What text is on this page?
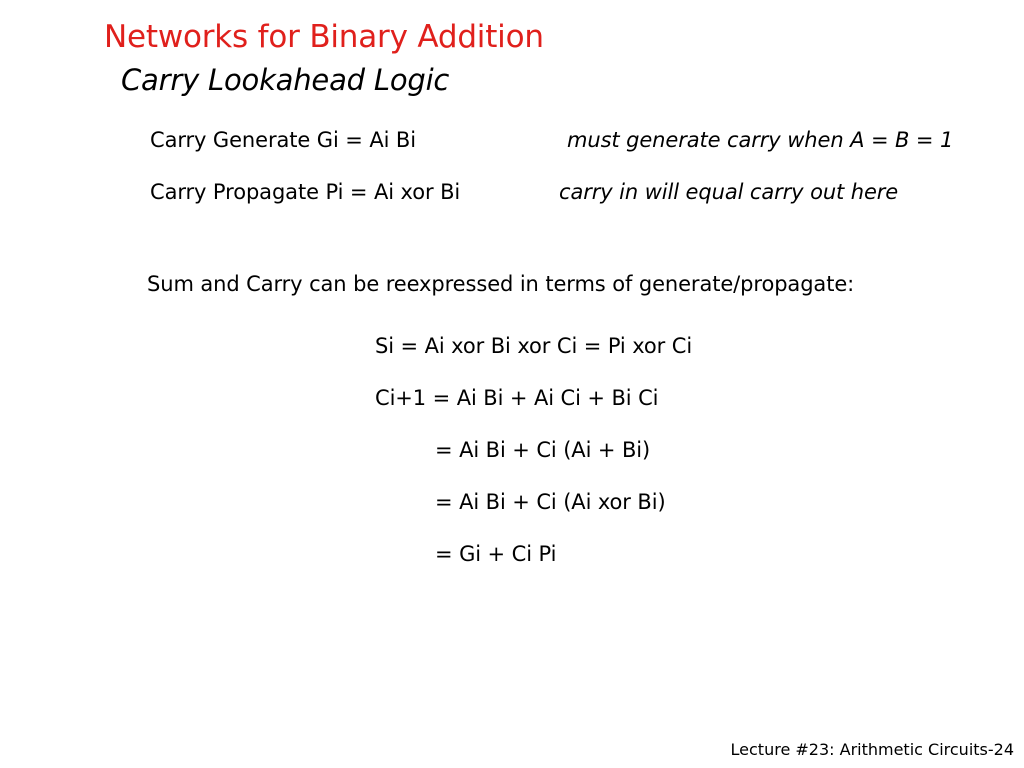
Networks for Binary Addition
Carry Lookahead Logic
Carry Generate Gi = Ai Bi	must generate carry when A = B = 1
Carry Propagate Pi = Ai xor Bi	carry in will equal carry out here
Sum and Carry can be reexpressed in terms of generate/propagate:
Si = Ai xor Bi xor Ci = Pi xor Ci
Ci+1 = Ai Bi + Ai Ci + Bi Ci
= Ai Bi + Ci (Ai + Bi)
= Ai Bi + Ci (Ai xor Bi)
= Gi + Ci Pi
Lecture #23: Arithmetic Circuits-24
